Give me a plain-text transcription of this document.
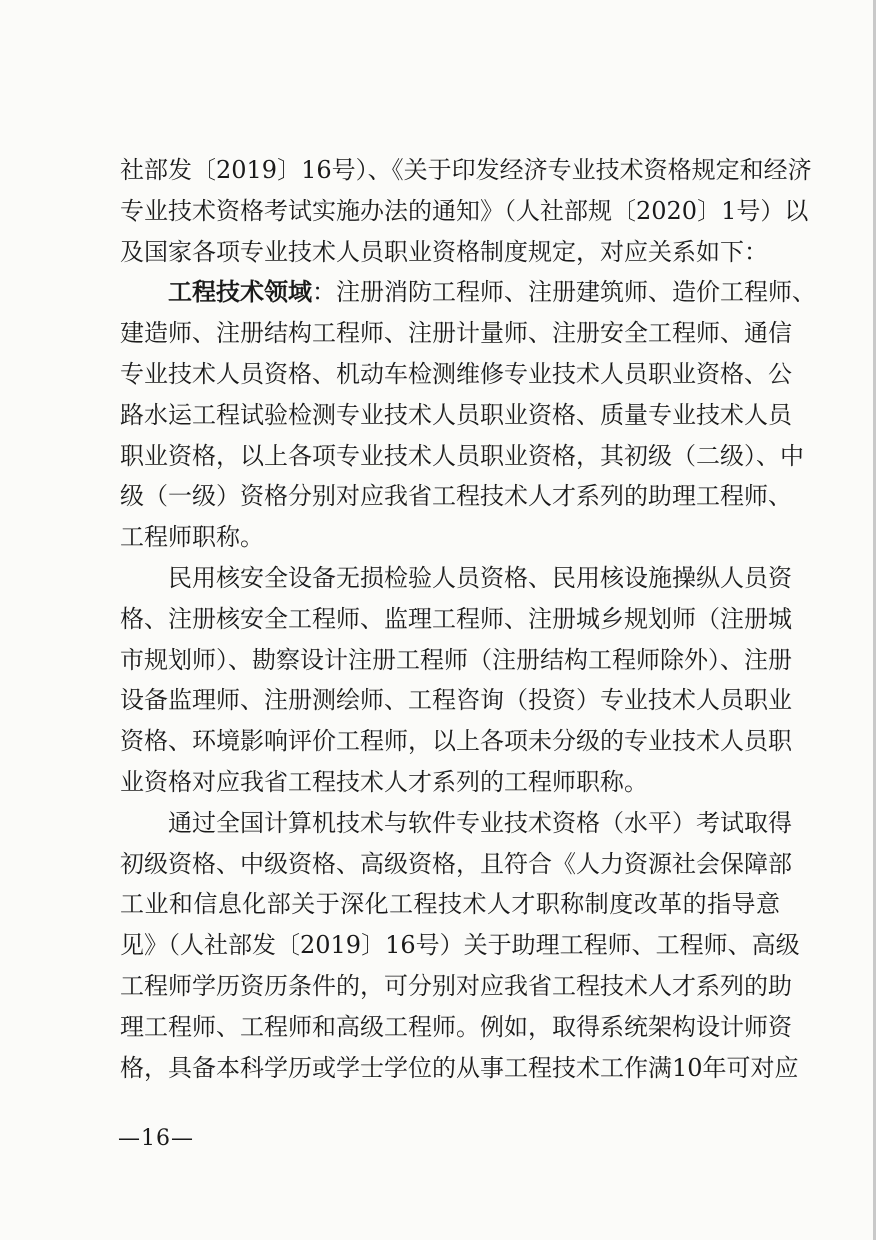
社部发〔2019〕16号）、《关于印发经济专业技术资格规定和经济
专业技术资格考试实施办法的通知》（人社部规〔2020〕1号）以
及国家各项专业技术人员职业资格制度规定，对应关系如下：

工程技术领域：注册消防工程师、注册建筑师、造价工程师、
建造师、注册结构工程师、注册计量师、注册安全工程师、通信
专业技术人员资格、机动车检测维修专业技术人员职业资格、公
路水运工程试验检测专业技术人员职业资格、质量专业技术人员
职业资格，以上各项专业技术人员职业资格，其初级（二级）、中
级（一级）资格分别对应我省工程技术人才系列的助理工程师、
工程师职称。

民用核安全设备无损检验人员资格、民用核设施操纵人员资
格、注册核安全工程师、监理工程师、注册城乡规划师（注册城
市规划师）、勘察设计注册工程师（注册结构工程师除外）、注册
设备监理师、注册测绘师、工程咨询（投资）专业技术人员职业
资格、环境影响评价工程师，以上各项未分级的专业技术人员职
业资格对应我省工程技术人才系列的工程师职称。

通过全国计算机技术与软件专业技术资格（水平）考试取得
初级资格、中级资格、高级资格，且符合《人力资源社会保障部
工业和信息化部关于深化工程技术人才职称制度改革的指导意
见》（人社部发〔2019〕16号）关于助理工程师、工程师、高级
工程师学历资历条件的，可分别对应我省工程技术人才系列的助
理工程师、工程师和高级工程师。例如，取得系统架构设计师资
格，具备本科学历或学士学位的从事工程技术工作满10年可对应

—16—
